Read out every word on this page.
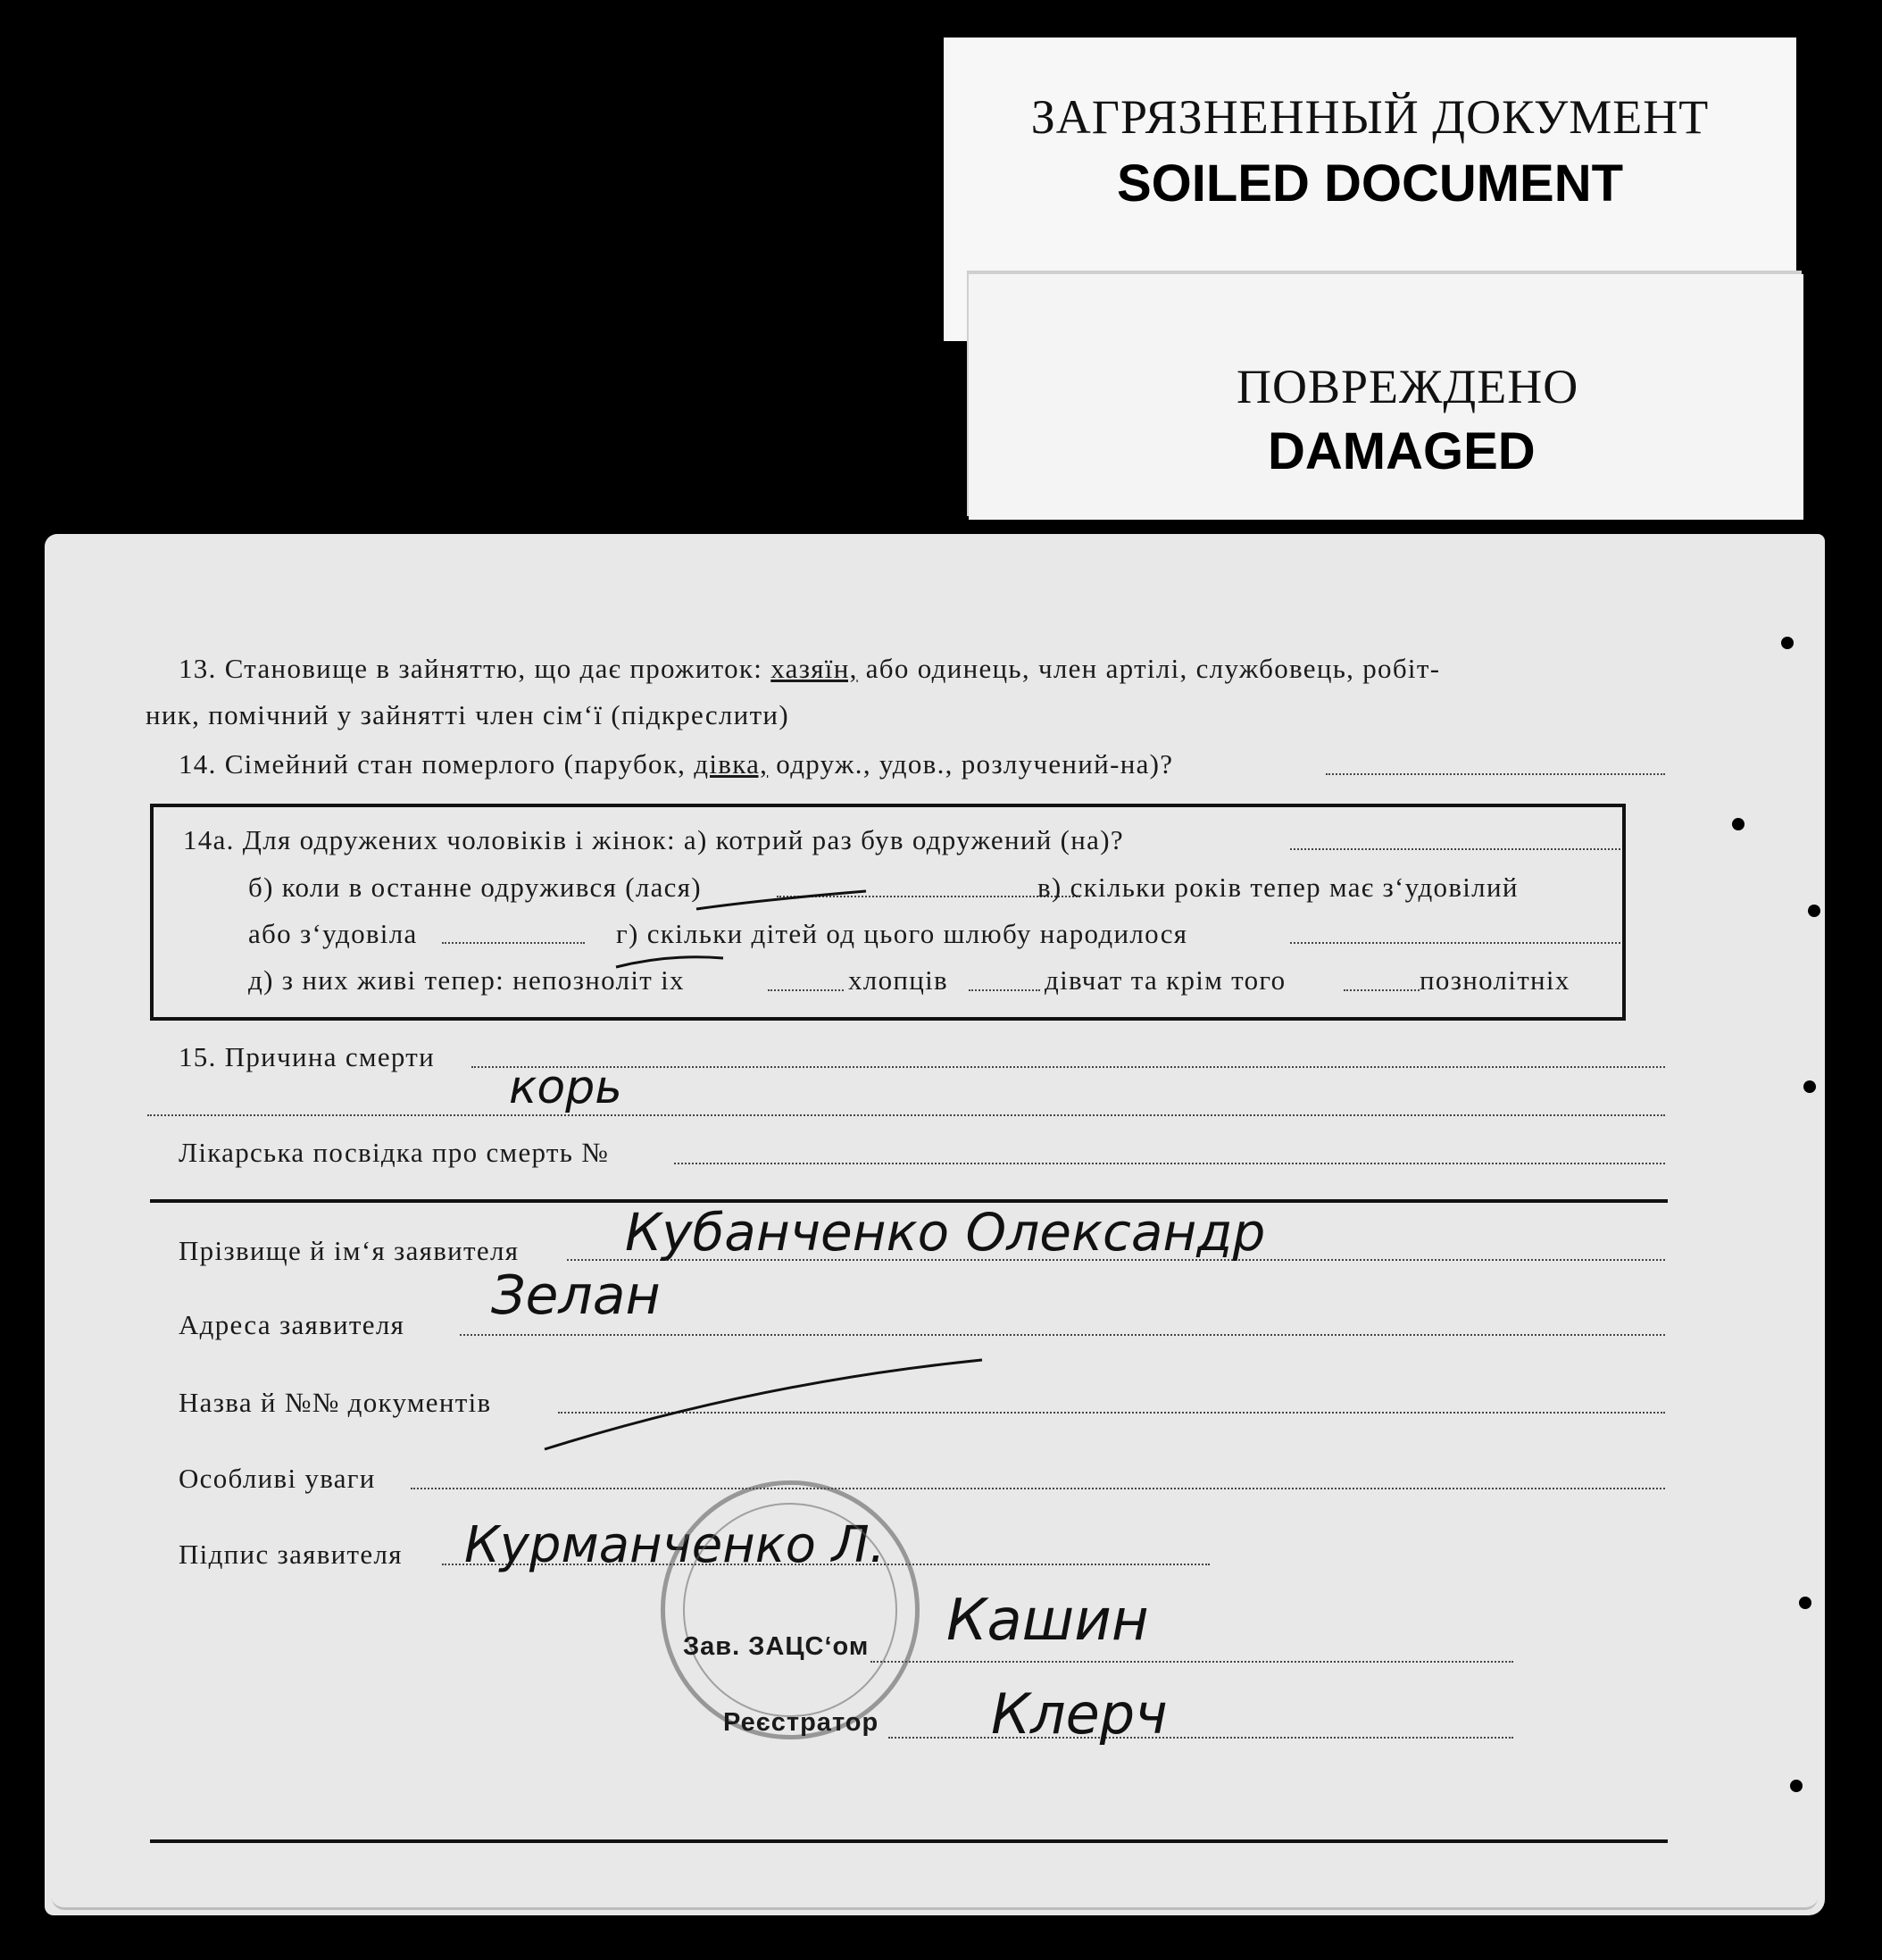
ЗАГРЯЗНЕННЫЙ ДОКУМЕНТ
SOILED DOCUMENT
ПОВРЕЖДЕНО
DAMAGED
13. Становище в зайняттю, що дає прожиток: хазяїн, або одинець, член артілі, службовець, робіт-
ник, помічний у зайнятті член сім‘ї (підкреслити)
14. Сімейний стан померлого (парубок, дівка, одруж., удов., розлучений-на)?
14а. Для одружених чоловіків і жінок: а) котрий раз був одружений (на)?
б) коли в останне одружився (лася)	в) скільки років тепер має з‘удовілий
або з‘удовіла	г) скільки дітей од цього шлюбу народилося
д) з них живі тепер: непозноліт іх	хлопців	дівчат та крім того	познолітніх
15. Причина смерти
корь
Лікарська посвідка про смерть №
Прізвище й ім‘я заявителя Кубанченко Олександр
Адреса заявителя Зелан
Назва й №№ документів
Особливі уваги
Підпис заявителя Курманченко Л.
Зав. ЗАЦС‘ом Кашин
Реєстратор Клерч
